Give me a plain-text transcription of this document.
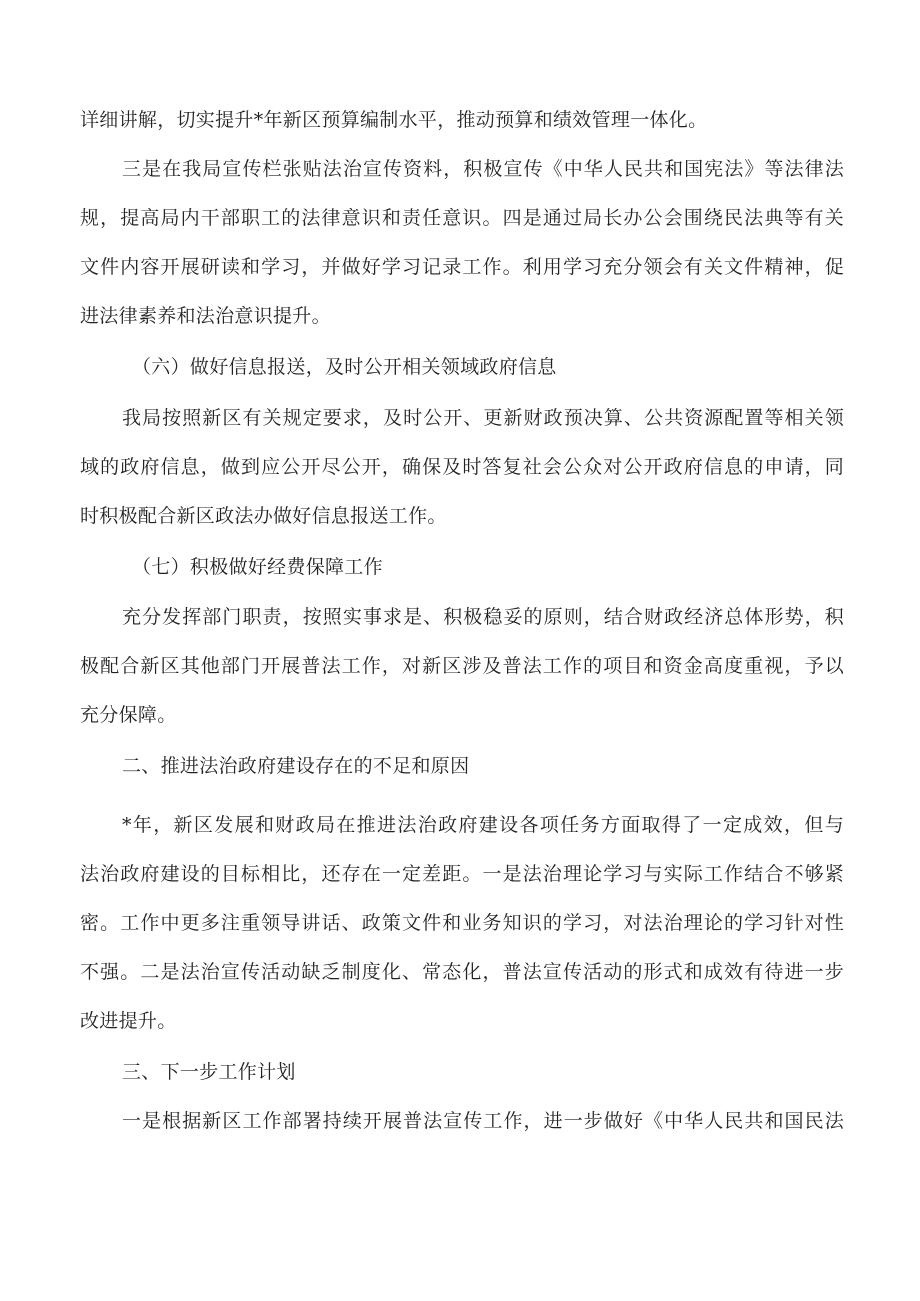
详细讲解，切实提升*年新区预算编制水平，推动预算和绩效管理一体化。
三是在我局宣传栏张贴法治宣传资料，积极宣传《中华人民共和国宪法》等法律法
规，提高局内干部职工的法律意识和责任意识。四是通过局长办公会围绕民法典等有关
文件内容开展研读和学习，并做好学习记录工作。利用学习充分领会有关文件精神，促
进法律素养和法治意识提升。
（六）做好信息报送，及时公开相关领域政府信息
我局按照新区有关规定要求，及时公开、更新财政预决算、公共资源配置等相关领
域的政府信息，做到应公开尽公开，确保及时答复社会公众对公开政府信息的申请，同
时积极配合新区政法办做好信息报送工作。
（七）积极做好经费保障工作
充分发挥部门职责，按照实事求是、积极稳妥的原则，结合财政经济总体形势，积
极配合新区其他部门开展普法工作，对新区涉及普法工作的项目和资金高度重视，予以
充分保障。
二、推进法治政府建设存在的不足和原因
*年，新区发展和财政局在推进法治政府建设各项任务方面取得了一定成效，但与
法治政府建设的目标相比，还存在一定差距。一是法治理论学习与实际工作结合不够紧
密。工作中更多注重领导讲话、政策文件和业务知识的学习，对法治理论的学习针对性
不强。二是法治宣传活动缺乏制度化、常态化，普法宣传活动的形式和成效有待进一步
改进提升。
三、下一步工作计划
一是根据新区工作部署持续开展普法宣传工作，进一步做好《中华人民共和国民法
